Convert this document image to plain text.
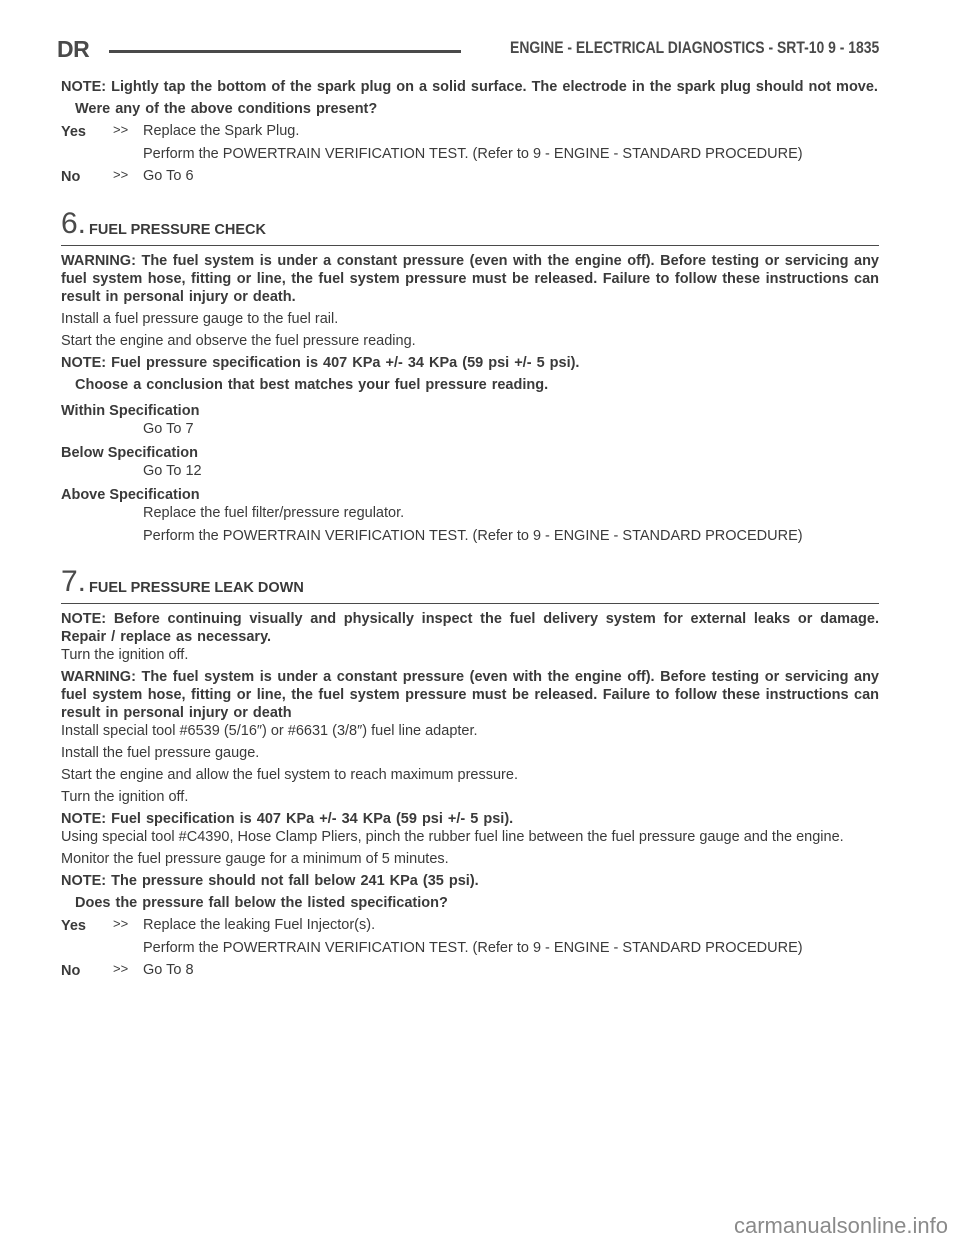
DR	ENGINE - ELECTRICAL DIAGNOSTICS - SRT-10 9 - 1835

NOTE: Lightly tap the bottom of the spark plug on a solid surface. The electrode in the spark plug should not move.

Were any of the above conditions present?

Yes >> Replace the Spark Plug.
Perform the POWERTRAIN VERIFICATION TEST. (Refer to 9 - ENGINE - STANDARD PROCEDURE)
No	>> Go To 6
6. FUEL PRESSURE CHECK

WARNING: The fuel system is under a constant pressure (even with the engine off). Before testing or servicing any fuel system hose, fitting or line, the fuel system pressure must be released. Failure to follow these instructions can result in personal injury or death.

Install a fuel pressure gauge to the fuel rail.

Start the engine and observe the fuel pressure reading.

NOTE: Fuel pressure specification is 407 KPa +/- 34 KPa (59 psi +/- 5 psi).

Choose a conclusion that best matches your fuel pressure reading.

Within Specification
Go To 7
Below Specification
Go To 12
Above Specification
Replace the fuel filter/pressure regulator.
Perform the POWERTRAIN VERIFICATION TEST. (Refer to 9 - ENGINE - STANDARD PROCEDURE)
7. FUEL PRESSURE LEAK DOWN

NOTE: Before continuing visually and physically inspect the fuel delivery system for external leaks or damage. Repair / replace as necessary.

Turn the ignition off.

WARNING: The fuel system is under a constant pressure (even with the engine off). Before testing or servicing any fuel system hose, fitting or line, the fuel system pressure must be released. Failure to follow these instructions can result in personal injury or death

Install special tool #6539 (5/16″) or #6631 (3/8″) fuel line adapter.

Install the fuel pressure gauge.

Start the engine and allow the fuel system to reach maximum pressure.

Turn the ignition off.

NOTE: Fuel specification is 407 KPa +/- 34 KPa (59 psi +/- 5 psi).

Using special tool #C4390, Hose Clamp Pliers, pinch the rubber fuel line between the fuel pressure gauge and the engine.

Monitor the fuel pressure gauge for a minimum of 5 minutes.

NOTE: The pressure should not fall below 241 KPa (35 psi).

Does the pressure fall below the listed specification?

Yes >> Replace the leaking Fuel Injector(s).
Perform the POWERTRAIN VERIFICATION TEST. (Refer to 9 - ENGINE - STANDARD PROCEDURE)
No	>> Go To 8
carmanualsonline.info
